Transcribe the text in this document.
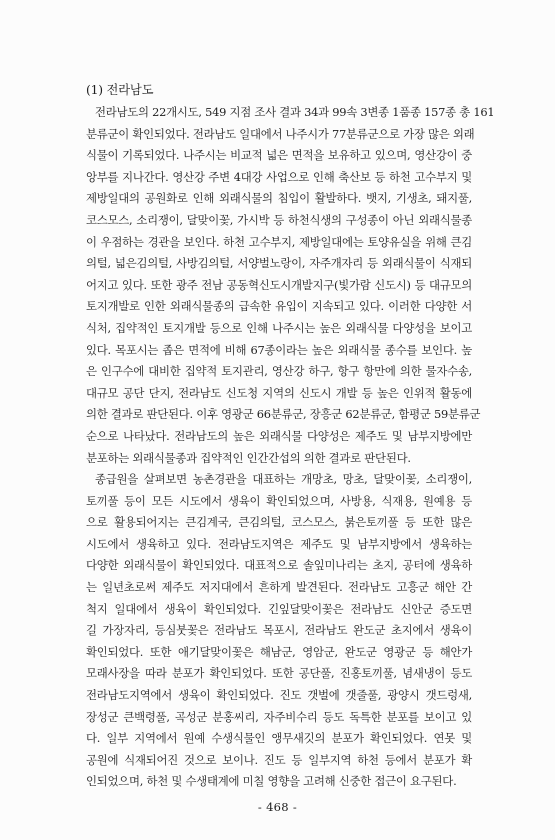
(1) 전라남도
전라남도의 22개시도, 549 지점 조사 결과 34과 99속 3변종 1품종 157종 총 161
분류군이 확인되었다. 전라남도 일대에서 나주시가 77분류군으로 가장 많은 외래
식물이 기록되었다. 나주시는 비교적 넓은 면적을 보유하고 있으며, 영산강이 중
앙부를 지나간다. 영산강 주변 4대강 사업으로 인해 축산보 등 하천 고수부지 및
제방일대의 공원화로 인해 외래식물의 침입이 활발하다. 뱃지, 기생초, 돼지풀,
코스모스, 소리쟁이, 달맞이꽃, 가시박 등 하천식생의 구성종이 아닌 외래식물종
이 우점하는 경관을 보인다. 하천 고수부지, 제방일대에는 토양유실을 위해 큰김
의털, 넓은김의털, 사방김의털, 서양벌노랑이, 자주개자리 등 외래식물이 식재되
어지고 있다. 또한 광주 전남 공동혁신도시개발지구(빛가람 신도시) 등 대규모의
토지개발로 인한 외래식물종의 급속한 유입이 지속되고 있다. 이러한 다양한 서
식처, 집약적인 토지개발 등으로 인해 나주시는 높은 외래식물 다양성을 보이고
있다. 목포시는 좁은 면적에 비해 67종이라는 높은 외래식물 종수를 보인다. 높
은 인구수에 대비한 집약적 토지관리, 영산강 하구, 항구 항만에 의한 물자수송,
대규모 공단 단지, 전라남도 신도청 지역의 신도시 개발 등 높은 인위적 활동에
의한 결과로 판단된다. 이후 영광군 66분류군, 장흥군 62분류군, 함평군 59분류군
순으로 나타났다. 전라남도의 높은 외래식물 다양성은 제주도 및 남부지방에만
분포하는 외래식물종과 집약적인 인간간섭의 의한 결과로 판단된다.
종급원을 살펴보면 농촌경관을 대표하는 개망초, 망초, 달맞이꽃, 소리쟁이,
토끼풀 등이 모든 시도에서 생육이 확인되었으며, 사방용, 식재용, 원예용 등
으로 활용되어지는 큰김계국, 큰김의털, 코스모스, 붉은토끼풀 등 또한 많은
시도에서 생육하고 있다. 전라남도지역은 제주도 및 남부지방에서 생육하는
다양한 외래식물이 확인되었다. 대표적으로 솔잎미나리는 초지, 공터에 생육하
는 일년초로써 제주도 저지대에서 흔하게 발견된다. 전라남도 고흥군 해안 간
척지 일대에서 생육이 확인되었다. 긴잎달맞이꽃은 전라남도 신안군 증도면
길 가장자리, 등심붓꽃은 전라남도 목포시, 전라남도 완도군 초지에서 생육이
확인되었다. 또한 애기달맞이꽃은 해남군, 영암군, 완도군 영광군 등 해안가
모래사장을 따라 분포가 확인되었다. 또한 공단풀, 진홍토끼풀, 념새냉이 등도
전라남도지역에서 생육이 확인되었다. 진도 갯벌에 갯줄풀, 광양시 갯드렁새,
장성군 큰백령풀, 곡성군 분홍씨리, 자주비수리 등도 독특한 분포를 보이고 있
다. 일부 지역에서 원예 수생식물인 앵무새깃의 분포가 확인되었다. 연못 및
공원에 식재되어진 것으로 보이나. 진도 등 일부지역 하천 등에서 분포가 확
인되었으며, 하천 및 수생태계에 미칠 영향을 고려해 신중한 접근이 요구된다.
- 468 -
